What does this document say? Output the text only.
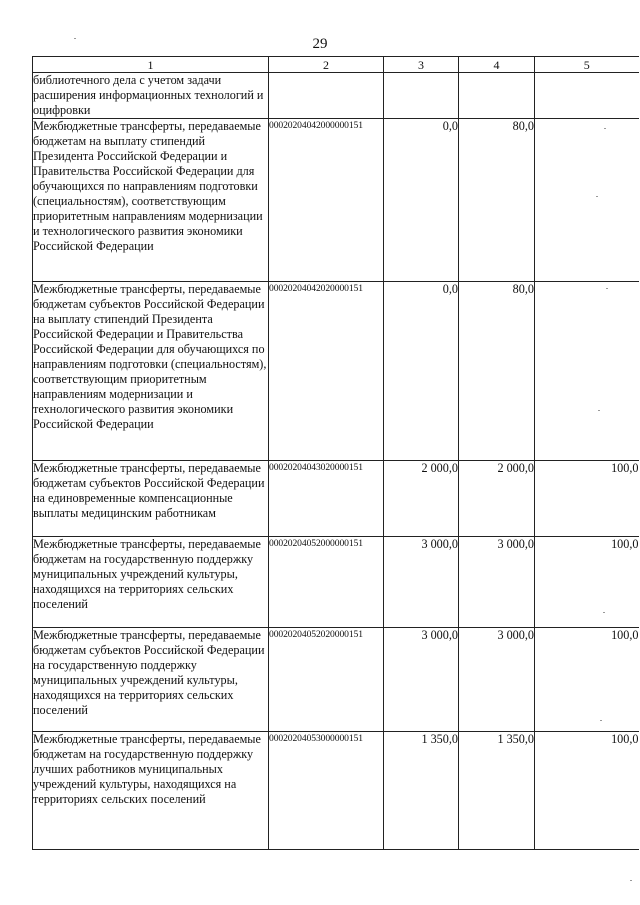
29
1	2	3	4	5
библиотечного дела с учетом задачи расширения информационных технологий и оцифровки				
Межбюджетные трансферты, передаваемые бюджетам на выплату стипендий Президента Российской Федерации и Правительства Российской Федерации для обучающихся по направлениям подготовки (специальностям), соответствующим приоритетным направлениям модернизации и технологического развития экономики Российской Федерации	00020204042000000151	0,0	80,0	
Межбюджетные трансферты, передаваемые бюджетам субъектов Российской Федерации на выплату стипендий Президента Российской Федерации и Правительства Российской Федерации для обучающихся по направлениям подготовки (специальностям), соответствующим приоритетным направлениям модернизации и технологического развития экономики Российской Федерации	00020204042020000151	0,0	80,0	
Межбюджетные трансферты, передаваемые бюджетам субъектов Российской Федерации на единовременные компенсационные выплаты медицинским работникам	00020204043020000151	2 000,0	2 000,0	100,0
Межбюджетные трансферты, передаваемые бюджетам на государственную поддержку муниципальных учреждений культуры, находящихся на территориях сельских поселений	00020204052000000151	3 000,0	3 000,0	100,0
Межбюджетные трансферты, передаваемые бюджетам субъектов Российской Федерации на государственную поддержку муниципальных учреждений культуры, находящихся на территориях сельских поселений	00020204052020000151	3 000,0	3 000,0	100,0
Межбюджетные трансферты, передаваемые бюджетам на государственную поддержку лучших работников муниципальных учреждений культуры, находящихся на территориях сельских поселений	00020204053000000151	1 350,0	1 350,0	100,0
